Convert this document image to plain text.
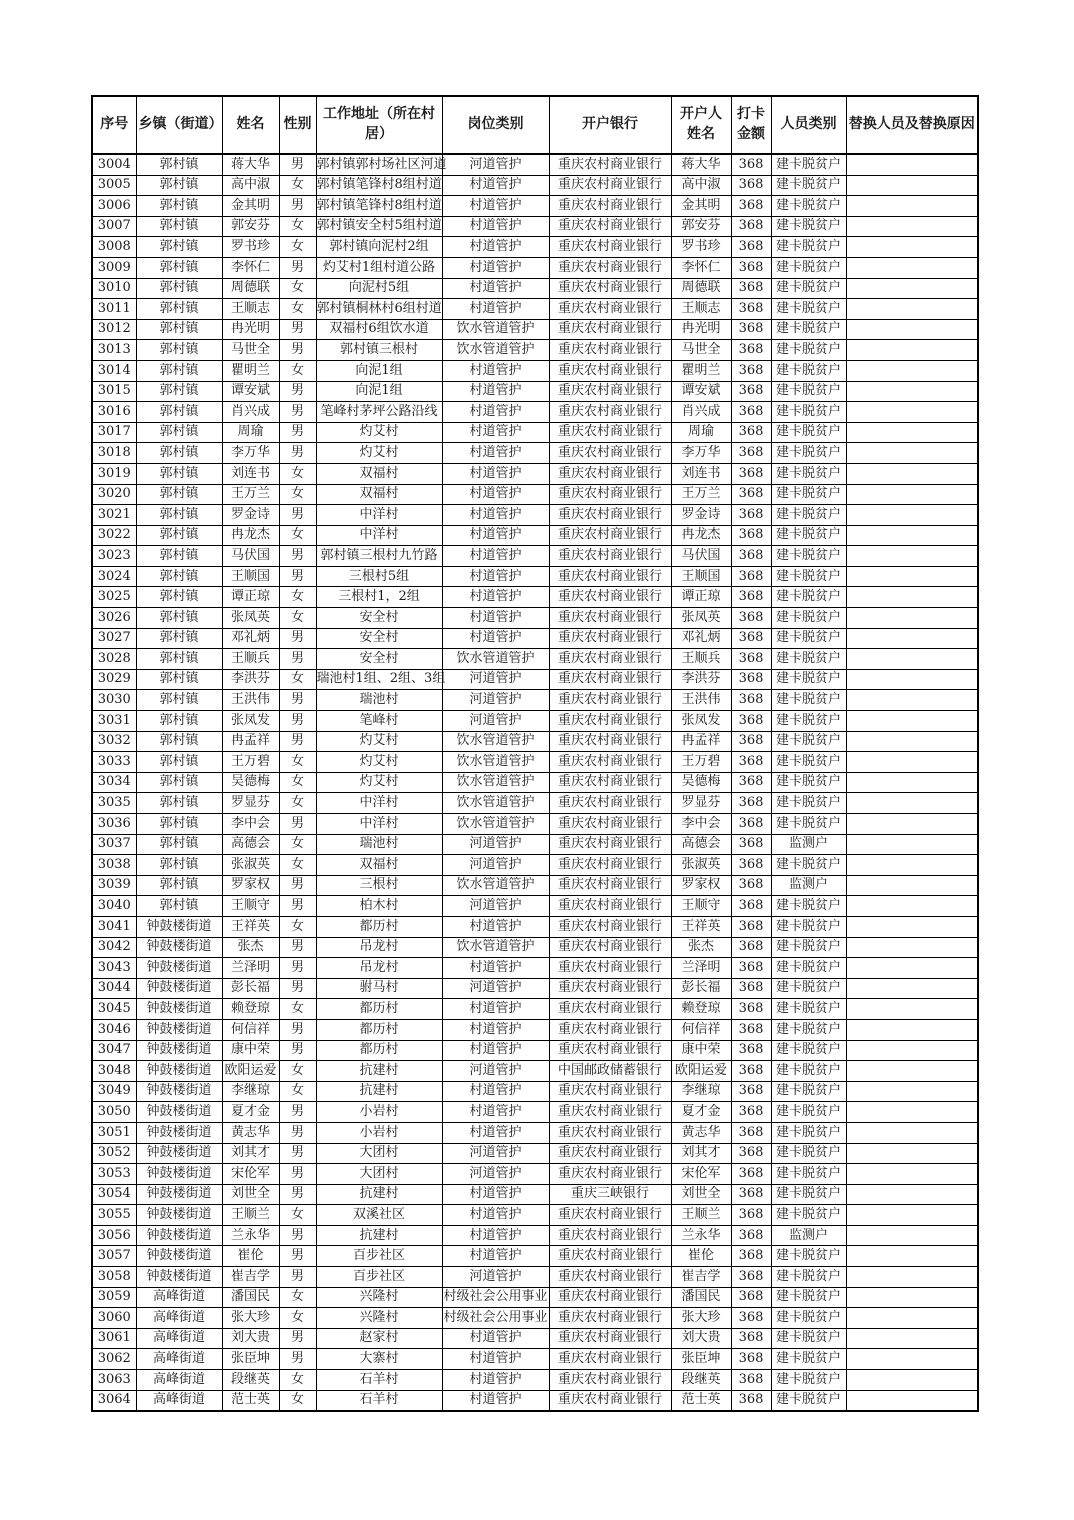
序号	乡镇（街道）	姓名	性别	工作地址（所在村居）	岗位类别	开户银行	开户人姓名	打卡金额	人员类别	替换人员及替换原因
3004	郭村镇	蒋大华	男	郭村镇郭村场社区河道	河道管护	重庆农村商业银行	蒋大华	368	建卡脱贫户	
3005	郭村镇	高中淑	女	郭村镇笔锋村8组村道	村道管护	重庆农村商业银行	高中淑	368	建卡脱贫户	
3006	郭村镇	金其明	男	郭村镇笔锋村8组村道	村道管护	重庆农村商业银行	金其明	368	建卡脱贫户	
3007	郭村镇	郭安芬	女	郭村镇安全村5组村道	村道管护	重庆农村商业银行	郭安芬	368	建卡脱贫户	
3008	郭村镇	罗书珍	女	郭村镇向泥村2组	村道管护	重庆农村商业银行	罗书珍	368	建卡脱贫户	
3009	郭村镇	李怀仁	男	灼艾村1组村道公路	村道管护	重庆农村商业银行	李怀仁	368	建卡脱贫户	
3010	郭村镇	周德联	女	向泥村5组	村道管护	重庆农村商业银行	周德联	368	建卡脱贫户	
3011	郭村镇	王顺志	女	郭村镇桐林村6组村道	村道管护	重庆农村商业银行	王顺志	368	建卡脱贫户	
3012	郭村镇	冉光明	男	双福村6组饮水道	饮水管道管护	重庆农村商业银行	冉光明	368	建卡脱贫户	
3013	郭村镇	马世全	男	郭村镇三根村	饮水管道管护	重庆农村商业银行	马世全	368	建卡脱贫户	
3014	郭村镇	瞿明兰	女	向泥1组	村道管护	重庆农村商业银行	瞿明兰	368	建卡脱贫户	
3015	郭村镇	谭安斌	男	向泥1组	村道管护	重庆农村商业银行	谭安斌	368	建卡脱贫户	
3016	郭村镇	肖兴成	男	笔峰村茅坪公路沿线	村道管护	重庆农村商业银行	肖兴成	368	建卡脱贫户	
3017	郭村镇	周瑜	男	灼艾村	村道管护	重庆农村商业银行	周瑜	368	建卡脱贫户	
3018	郭村镇	李万华	男	灼艾村	村道管护	重庆农村商业银行	李万华	368	建卡脱贫户	
3019	郭村镇	刘连书	女	双福村	村道管护	重庆农村商业银行	刘连书	368	建卡脱贫户	
3020	郭村镇	王万兰	女	双福村	村道管护	重庆农村商业银行	王万兰	368	建卡脱贫户	
3021	郭村镇	罗金诗	男	中洋村	村道管护	重庆农村商业银行	罗金诗	368	建卡脱贫户	
3022	郭村镇	冉龙杰	女	中洋村	村道管护	重庆农村商业银行	冉龙杰	368	建卡脱贫户	
3023	郭村镇	马伏国	男	郭村镇三根村九竹路	村道管护	重庆农村商业银行	马伏国	368	建卡脱贫户	
3024	郭村镇	王顺国	男	三根村5组	村道管护	重庆农村商业银行	王顺国	368	建卡脱贫户	
3025	郭村镇	谭正琼	女	三根村1，2组	村道管护	重庆农村商业银行	谭正琼	368	建卡脱贫户	
3026	郭村镇	张凤英	女	安全村	村道管护	重庆农村商业银行	张凤英	368	建卡脱贫户	
3027	郭村镇	邓礼炳	男	安全村	村道管护	重庆农村商业银行	邓礼炳	368	建卡脱贫户	
3028	郭村镇	王顺兵	男	安全村	饮水管道管护	重庆农村商业银行	王顺兵	368	建卡脱贫户	
3029	郭村镇	李洪芬	女	瑞池村1组、2组、3组	河道管护	重庆农村商业银行	李洪芬	368	建卡脱贫户	
3030	郭村镇	王洪伟	男	瑞池村	河道管护	重庆农村商业银行	王洪伟	368	建卡脱贫户	
3031	郭村镇	张凤发	男	笔峰村	河道管护	重庆农村商业银行	张凤发	368	建卡脱贫户	
3032	郭村镇	冉孟祥	男	灼艾村	饮水管道管护	重庆农村商业银行	冉孟祥	368	建卡脱贫户	
3033	郭村镇	王万碧	女	灼艾村	饮水管道管护	重庆农村商业银行	王万碧	368	建卡脱贫户	
3034	郭村镇	吴德梅	女	灼艾村	饮水管道管护	重庆农村商业银行	吴德梅	368	建卡脱贫户	
3035	郭村镇	罗显芬	女	中洋村	饮水管道管护	重庆农村商业银行	罗显芬	368	建卡脱贫户	
3036	郭村镇	李中会	男	中洋村	饮水管道管护	重庆农村商业银行	李中会	368	建卡脱贫户	
3037	郭村镇	高德会	女	瑞池村	河道管护	重庆农村商业银行	高德会	368	监测户	
3038	郭村镇	张淑英	女	双福村	河道管护	重庆农村商业银行	张淑英	368	建卡脱贫户	
3039	郭村镇	罗家权	男	三根村	饮水管道管护	重庆农村商业银行	罗家权	368	监测户	
3040	郭村镇	王顺守	男	柏木村	河道管护	重庆农村商业银行	王顺守	368	建卡脱贫户	
3041	钟鼓楼街道	王祥英	女	都历村	村道管护	重庆农村商业银行	王祥英	368	建卡脱贫户	
3042	钟鼓楼街道	张杰	男	吊龙村	饮水管道管护	重庆农村商业银行	张杰	368	建卡脱贫户	
3043	钟鼓楼街道	兰泽明	男	吊龙村	村道管护	重庆农村商业银行	兰泽明	368	建卡脱贫户	
3044	钟鼓楼街道	彭长福	男	驸马村	河道管护	重庆农村商业银行	彭长福	368	建卡脱贫户	
3045	钟鼓楼街道	赖登琼	女	都历村	村道管护	重庆农村商业银行	赖登琼	368	建卡脱贫户	
3046	钟鼓楼街道	何信祥	男	都历村	村道管护	重庆农村商业银行	何信祥	368	建卡脱贫户	
3047	钟鼓楼街道	康中荣	男	都历村	村道管护	重庆农村商业银行	康中荣	368	建卡脱贫户	
3048	钟鼓楼街道	欧阳运爱	女	抗建村	河道管护	中国邮政储蓄银行	欧阳运爱	368	建卡脱贫户	
3049	钟鼓楼街道	李继琼	女	抗建村	村道管护	重庆农村商业银行	李继琼	368	建卡脱贫户	
3050	钟鼓楼街道	夏才金	男	小岩村	村道管护	重庆农村商业银行	夏才金	368	建卡脱贫户	
3051	钟鼓楼街道	黄志华	男	小岩村	村道管护	重庆农村商业银行	黄志华	368	建卡脱贫户	
3052	钟鼓楼街道	刘其才	男	大团村	河道管护	重庆农村商业银行	刘其才	368	建卡脱贫户	
3053	钟鼓楼街道	宋伦军	男	大团村	河道管护	重庆农村商业银行	宋伦军	368	建卡脱贫户	
3054	钟鼓楼街道	刘世全	男	抗建村	村道管护	重庆三峡银行	刘世全	368	建卡脱贫户	
3055	钟鼓楼街道	王顺兰	女	双溪社区	村道管护	重庆农村商业银行	王顺兰	368	建卡脱贫户	
3056	钟鼓楼街道	兰永华	男	抗建村	村道管护	重庆农村商业银行	兰永华	368	监测户	
3057	钟鼓楼街道	崔伦	男	百步社区	村道管护	重庆农村商业银行	崔伦	368	建卡脱贫户	
3058	钟鼓楼街道	崔吉学	男	百步社区	河道管护	重庆农村商业银行	崔吉学	368	建卡脱贫户	
3059	高峰街道	潘国民	女	兴隆村	村级社会公用事业	重庆农村商业银行	潘国民	368	建卡脱贫户	
3060	高峰街道	张大珍	女	兴隆村	村级社会公用事业	重庆农村商业银行	张大珍	368	建卡脱贫户	
3061	高峰街道	刘大贵	男	赵家村	村道管护	重庆农村商业银行	刘大贵	368	建卡脱贫户	
3062	高峰街道	张臣坤	男	大寨村	村道管护	重庆农村商业银行	张臣坤	368	建卡脱贫户	
3063	高峰街道	段继英	女	石羊村	村道管护	重庆农村商业银行	段继英	368	建卡脱贫户	
3064	高峰街道	范士英	女	石羊村	村道管护	重庆农村商业银行	范士英	368	建卡脱贫户	
